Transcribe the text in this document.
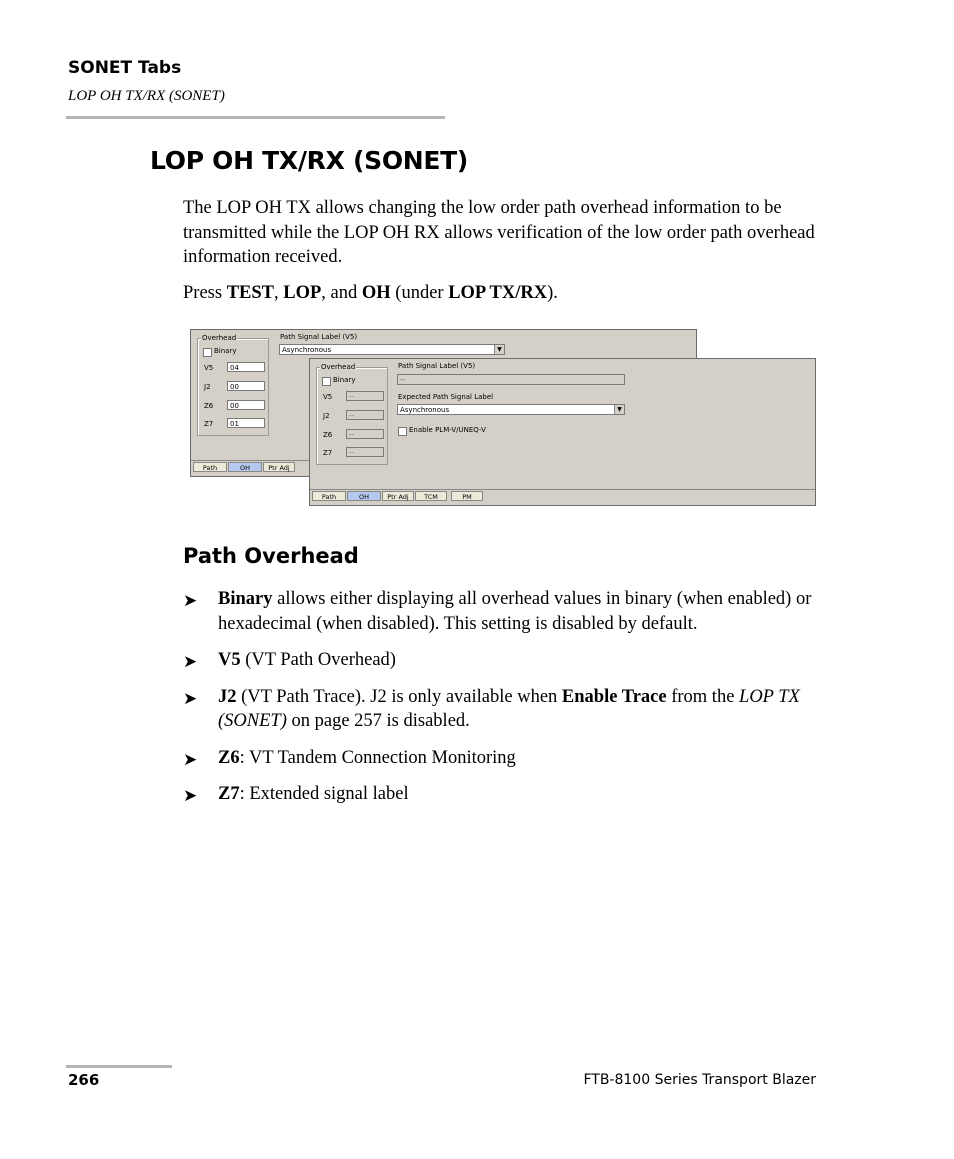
SONET Tabs
LOP OH TX/RX (SONET)
LOP OH TX/RX (SONET)
The LOP OH TX allows changing the low order path overhead information to be transmitted while the LOP OH RX allows verification of the low order path overhead information received.
Press TEST, LOP, and OH (under LOP TX/RX).
Overhead
Binary
V5	04
J2	00
Z6	00
Z7	01
Path Signal Label (V5)
Asynchronous	▼
Path	OH	Ptr Adj
Overhead
Binary
V5	--
J2	--
Z6	--
Z7	--
Path Signal Label (V5)
--
Expected Path Signal Label
Asynchronous	▼
Enable PLM-V/UNEQ-V
Path	OH	Ptr Adj	TCM	PM
Path Overhead
➤ Binary allows either displaying all overhead values in binary (when enabled) or hexadecimal (when disabled). This setting is disabled by default.
➤ V5 (VT Path Overhead)
➤ J2 (VT Path Trace). J2 is only available when Enable Trace from the LOP TX (SONET) on page 257 is disabled.
➤ Z6: VT Tandem Connection Monitoring
➤ Z7: Extended signal label
266	FTB-8100 Series Transport Blazer
